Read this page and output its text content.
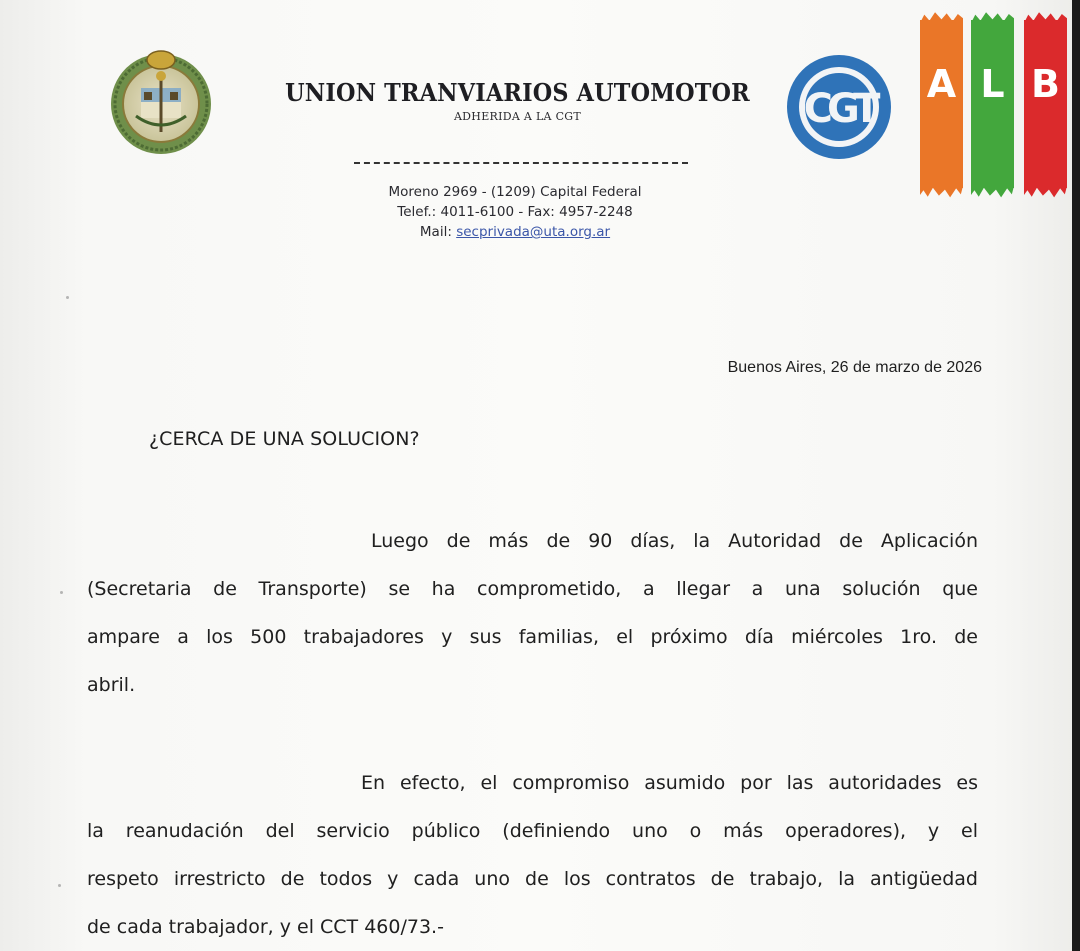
UNION TRANVIARIOS AUTOMOTOR
ADHERIDA A LA CGT
Moreno 2969 - (1209) Capital Federal
Telef.: 4011-6100 - Fax: 4957-2248
Mail: secprivada@uta.org.ar
CGT
A L B
Buenos Aires, 26 de marzo de 2026
¿CERCA DE UNA SOLUCION?
Luego de más de 90 días, la Autoridad de Aplicación
(Secretaria de Transporte) se ha comprometido, a llegar a una solución que
ampare a los 500 trabajadores y sus familias, el próximo día miércoles 1ro. de
abril.
En efecto, el compromiso asumido por las autoridades es
la reanudación del servicio público (definiendo uno o más operadores), y el
respeto irrestricto de todos y cada uno de los contratos de trabajo, la antigüedad
de cada trabajador, y el CCT 460/73.-
